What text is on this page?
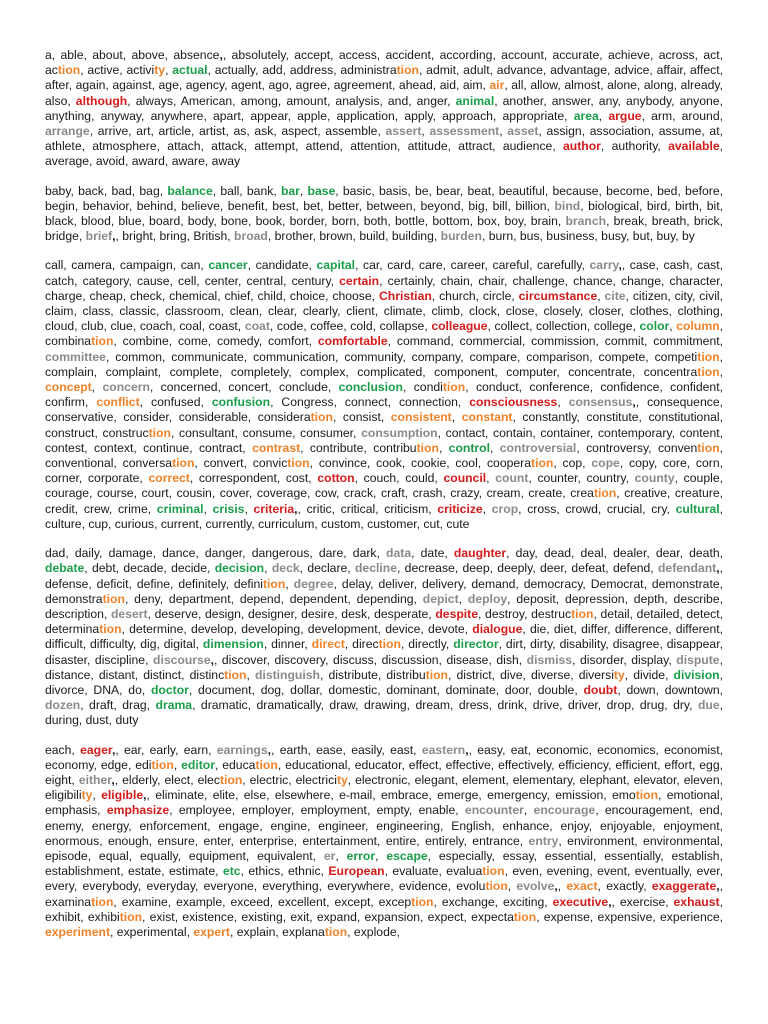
a, able, about, above, absence,, absolutely, accept, access, accident, according, account, accurate, achieve, across, act, action, active, activity, actual, actually, add, address, administration, admit, adult, advance, advantage, advice, affair, affect, after, again, against, age, agency, agent, ago, agree, agreement, ahead, aid, aim, air, all, allow, almost, alone, along, already, also, although, always, American, among, amount, analysis, and, anger, animal, another, answer, any, anybody, anyone, anything, anyway, anywhere, apart, appear, apple, application, apply, approach, appropriate, area, argue, arm, around, arrange, arrive, art, article, artist, as, ask, aspect, assemble, assert, assessment, asset, assign, association, assume, at, athlete, atmosphere, attach, attack, attempt, attend, attention, attitude, attract, audience, author, authority, available, average, avoid, award, aware, away

baby, back, bad, bag, balance, ball, bank, bar, base, basic, basis, be, bear, beat, beautiful, because, become, bed, before, begin, behavior, behind, believe, benefit, best, bet, better, between, beyond, big, bill, billion, bind, biological, bird, birth, bit, black, blood, blue, board, body, bone, book, border, born, both, bottle, bottom, box, boy, brain, branch, break, breath, brick, bridge, brief,, bright, bring, British, broad, brother, brown, build, building, burden, burn, bus, business, busy, but, buy, by

call, camera, campaign, can, cancer, candidate, capital, car, card, care, career, careful, carefully, carry,, case, cash, cast, catch, category, cause, cell, center, central, century, certain, certainly, chain, chair, challenge, chance, change, character, charge, cheap, check, chemical, chief, child, choice, choose, Christian, church, circle, circumstance, cite, citizen, city, civil, claim, class, classic, classroom, clean, clear, clearly, client, climate, climb, clock, close, closely, closer, clothes, clothing, cloud, club, clue, coach, coal, coast, coat, code, coffee, cold, collapse, colleague, collect, collection, college, color, column, combination, combine, come, comedy, comfort, comfortable, command, commercial, commission, commit, commitment, committee, common, communicate, communication, community, company, compare, comparison, compete, competition, complain, complaint, complete, completely, complex, complicated, component, computer, concentrate, concentration, concept, concern, concerned, concert, conclude, conclusion, condition, conduct, conference, confidence, confident, confirm, conflict, confused, confusion, Congress, connect, connection, consciousness, consensus,, consequence, conservative, consider, considerable, consideration, consist, consistent, constant, constantly, constitute, constitutional, construct, construction, consultant, consume, consumer, consumption, contact, contain, container, contemporary, content, contest, context, continue, contract, contrast, contribute, contribution, control, controversial, controversy, convention, conventional, conversation, convert, conviction, convince, cook, cookie, cool, cooperation, cop, cope, copy, core, corn, corner, corporate, correct, correspondent, cost, cotton, couch, could, council, count, counter, country, county, couple, courage, course, court, cousin, cover, coverage, cow, crack, craft, crash, crazy, cream, create, creation, creative, creature, credit, crew, crime, criminal, crisis, criteria,, critic, critical, criticism, criticize, crop, cross, crowd, crucial, cry, cultural, culture, cup, curious, current, currently, curriculum, custom, customer, cut, cute

dad, daily, damage, dance, danger, dangerous, dare, dark, data, date, daughter, day, dead, deal, dealer, dear, death, debate, debt, decade, decide, decision, deck, declare, decline, decrease, deep, deeply, deer, defeat, defend, defendant,, defense, deficit, define, definitely, definition, degree, delay, deliver, delivery, demand, democracy, Democrat, demonstrate, demonstration, deny, department, depend, dependent, depending, depict, deploy, deposit, depression, depth, describe, description, desert, deserve, design, designer, desire, desk, desperate, despite, destroy, destruction, detail, detailed, detect, determination, determine, develop, developing, development, device, devote, dialogue, die, diet, differ, difference, different, difficult, difficulty, dig, digital, dimension, dinner, direct, direction, directly, director, dirt, dirty, disability, disagree, disappear, disaster, discipline, discourse,, discover, discovery, discuss, discussion, disease, dish, dismiss, disorder, display, dispute, distance, distant, distinct, distinction, distinguish, distribute, distribution, district, dive, diverse, diversity, divide, division, divorce, DNA, do, doctor, document, dog, dollar, domestic, dominant, dominate, door, double, doubt, down, downtown, dozen, draft, drag, drama, dramatic, dramatically, draw, drawing, dream, dress, drink, drive, driver, drop, drug, dry, due, during, dust, duty

each, eager,, ear, early, earn, earnings,, earth, ease, easily, east, eastern,, easy, eat, economic, economics, economist, economy, edge, edition, editor, education, educational, educator, effect, effective, effectively, efficiency, efficient, effort, egg, eight, either,, elderly, elect, election, electric, electricity, electronic, elegant, element, elementary, elephant, elevator, eleven, eligibility, eligible,, eliminate, elite, else, elsewhere, e-mail, embrace, emerge, emergency, emission, emotion, emotional, emphasis, emphasize, employee, employer, employment, empty, enable, encounter, encourage, encouragement, end, enemy, energy, enforcement, engage, engine, engineer, engineering, English, enhance, enjoy, enjoyable, enjoyment, enormous, enough, ensure, enter, enterprise, entertainment, entire, entirely, entrance, entry, environment, environmental, episode, equal, equally, equipment, equivalent, er, error, escape, especially, essay, essential, essentially, establish, establishment, estate, estimate, etc, ethics, ethnic, European, evaluate, evaluation, even, evening, event, eventually, ever, every, everybody, everyday, everyone, everything, everywhere, evidence, evolution, evolve,, exact, exactly, exaggerate,, examination, examine, example, exceed, excellent, except, exception, exchange, exciting, executive,, exercise, exhaust, exhibit, exhibition, exist, existence, existing, exit, expand, expansion, expect, expectation, expense, expensive, experience, experiment, experimental, expert, explain, explanation, explode,
